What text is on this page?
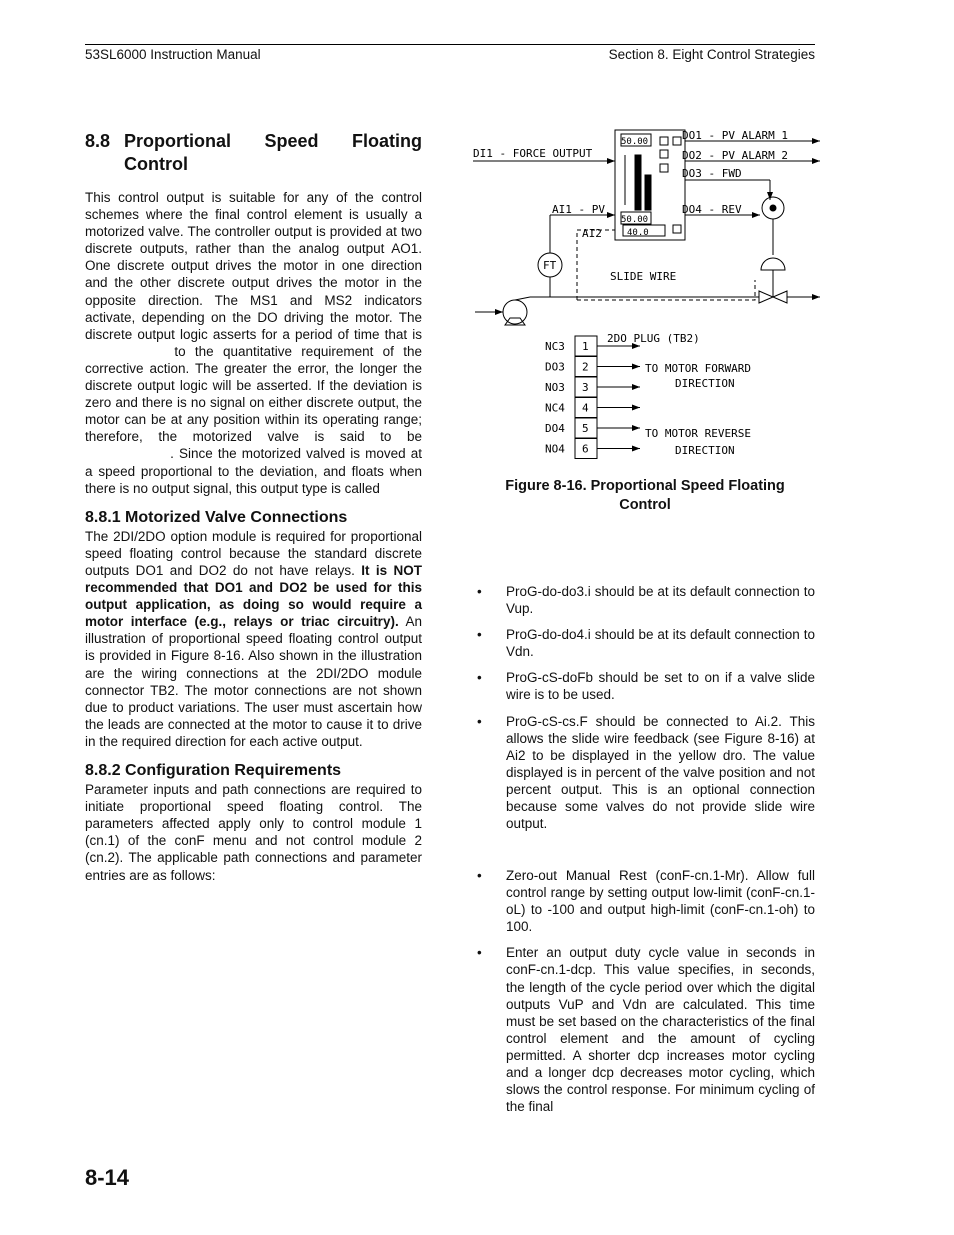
53SL6000 Instruction Manual	Section 8. Eight Control Strategies
8.8 Proportional Speed Floating Control

This control output is suitable for any of the control schemes where the final control element is usually a motorized valve. The controller output is provided at two discrete outputs, rather than the analog output AO1. One discrete output drives the motor in one direction and the other discrete output drives the motor in the opposite direction. The MS1 and MS2 indicators activate, depending on the DO driving the motor. The discrete output logic asserts for a period of time that is  to the quantitative requirement of the corrective action. The greater the error, the longer the discrete output logic will be asserted. If the deviation is zero and there is no signal on either discrete output, the motor can be at any position within its operating range; therefore, the motorized valve is said to be  . Since the motorized valved is moved at a speed proportional to the deviation, and floats when there is no output signal, this output type is called

8.8.1 Motorized Valve Connections

The 2DI/2DO option module is required for proportional speed floating control because the standard discrete outputs DO1 and DO2 do not have relays. It is NOT recommended that DO1 and DO2 be used for this output application, as doing so would require a motor interface (e.g., relays or triac circuitry). An illustration of proportional speed floating control output is provided in Figure 8-16. Also shown in the illustration are the wiring connections at the 2DI/2DO module connector TB2. The motor connections are not shown due to product variations. The user must ascertain how the leads are connected at the motor to cause it to drive in the required direction for each active output.

8.8.2 Configuration Requirements

Parameter inputs and path connections are required to initiate proportional speed floating control. The parameters affected apply only to control module 1 (cn.1) of the conF menu and not control module 2 (cn.2). The applicable path connections and parameter entries are as follows:

DI1 - FORCE OUTPUT
DO1 - PV ALARM 1
DO2 - PV ALARM 2
DO3 - FWD
DO4 - REV
AI1 - PV
AI2
FT
SLIDE WIRE
50.00
50.00
40.0
2DO PLUG (TB2)
TO MOTOR FORWARD
DIRECTION
TO MOTOR REVERSE
DIRECTION
NC3 1
DO3 2
NO3 3
NC4 4
DO4 5
NO4 6
Figure 8-16. Proportional Speed Floating
Control
• ProG-do-do3.i should be at its default connection to Vup.
• ProG-do-do4.i should be at its default connection to Vdn.
• ProG-cS-doFb should be set to on if a valve slide wire is to be used.
• ProG-cS-cs.F should be connected to Ai.2. This allows the slide wire feedback (see Figure 8-16) at Ai2 to be displayed in the yellow dro. The value displayed is in percent of the valve position and not percent output. This is an optional connection because some valves do not provide slide wire output.
• Zero-out Manual Rest (conF-cn.1-Mr). Allow full control range by setting output low-limit (conF-cn.1-oL) to -100 and output high-limit (conF-cn.1-oh) to 100.
• Enter an output duty cycle value in seconds in conF-cn.1-dcp. This value specifies, in seconds, the length of the cycle period over which the digital outputs VuP and Vdn are calculated. This time must be set based on the characteristics of the final control element and the amount of cycling permitted. A shorter dcp increases motor cycling and a longer dcp decreases motor cycling, which slows the control response. For minimum cycling of the final
8-14
